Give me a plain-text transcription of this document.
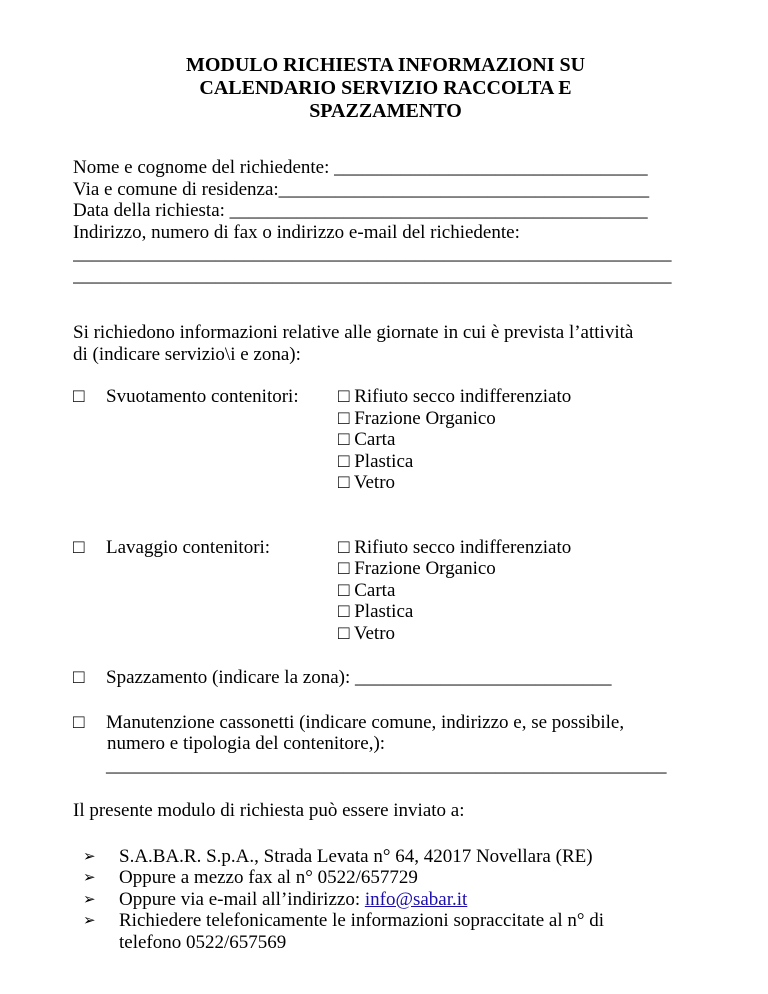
MODULO RICHIESTA INFORMAZIONI SU
CALENDARIO SERVIZIO RACCOLTA E
SPAZZAMENTO
Nome e cognome del richiedente: _________________________________
Via e comune di residenza:_______________________________________
Data della richiesta: ____________________________________________
Indirizzo, numero di fax o indirizzo e-mail del richiedente:
_______________________________________________________________
_______________________________________________________________
Si richiedono informazioni relative alle giornate in cui è prevista l’attività
di (indicare servizio\i e zona):
□	Svuotamento contenitori: □ Rifiuto secco indifferenziato
□ Frazione Organico
□ Carta
□ Plastica
□ Vetro
□	Lavaggio contenitori:	□ Rifiuto secco indifferenziato
□ Frazione Organico
□ Carta
□ Plastica
□ Vetro
□	Spazzamento (indicare la zona): ___________________________
□	Manutenzione cassonetti (indicare comune, indirizzo e, se possibile,
numero e tipologia del contenitore,):
___________________________________________________________
Il presente modulo di richiesta può essere inviato a:
➢	S.A.BA.R. S.p.A., Strada Levata n° 64, 42017 Novellara (RE)
➢	Oppure a mezzo fax al n° 0522/657729
➢	Oppure via e-mail all’indirizzo: info@sabar.it
➢	Richiedere telefonicamente le informazioni sopraccitate al n° di
telefono 0522/657569
